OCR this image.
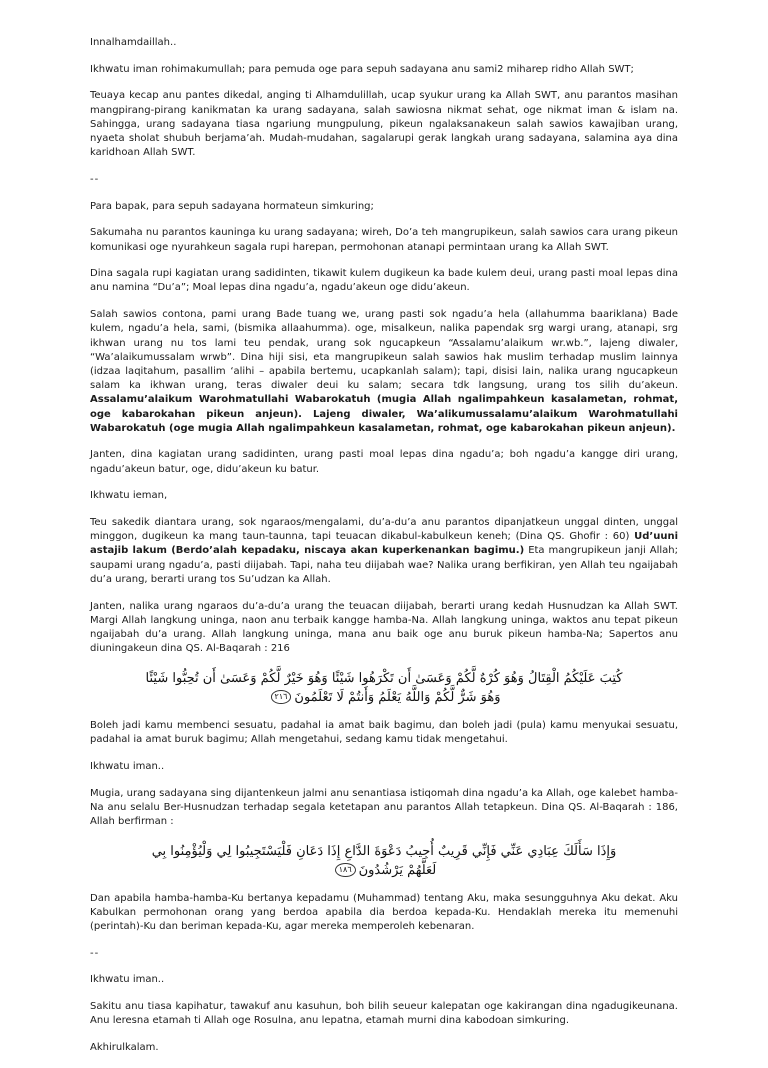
Innalhamdaillah..

Ikhwatu iman rohimakumullah; para pemuda oge para sepuh sadayana anu sami2 miharep ridho Allah SWT;

Teuaya kecap anu pantes dikedal, anging ti Alhamdulillah, ucap syukur urang ka Allah SWT, anu parantos masihan mangpirang-pirang kanikmatan ka urang sadayana, salah sawiosna nikmat sehat, oge nikmat iman & islam na. Sahingga, urang sadayana tiasa ngariung mungpulung, pikeun ngalaksanakeun salah sawios kawajiban urang, nyaeta sholat shubuh berjama’ah. Mudah-mudahan, sagalarupi gerak langkah urang sadayana, salamina aya dina karidhoan Allah SWT.

--

Para bapak, para sepuh sadayana hormateun simkuring;

Sakumaha nu parantos kauninga ku urang sadayana; wireh, Do’a teh mangrupikeun, salah sawios cara urang pikeun komunikasi oge nyurahkeun sagala rupi harepan, permohonan atanapi permintaan urang ka Allah SWT.

Dina sagala rupi kagiatan urang sadidinten, tikawit kulem dugikeun ka bade kulem deui, urang pasti moal lepas dina anu namina “Du’a”; Moal lepas dina ngadu’a, ngadu’akeun oge didu’akeun.

Salah sawios contona, pami urang Bade tuang we, urang pasti sok ngadu’a hela (allahumma baariklana) Bade kulem, ngadu’a hela, sami, (bismika allaahumma). oge, misalkeun, nalika papendak srg wargi urang, atanapi, srg ikhwan urang nu tos lami teu pendak, urang sok ngucapkeun “Assalamu’alaikum wr.wb.”, lajeng diwaler, “Wa’alaikumussalam wrwb”. Dina hiji sisi, eta mangrupikeun salah sawios hak muslim terhadap muslim lainnya (idzaa laqitahum, pasallim ‘alihi – apabila bertemu, ucapkanlah salam); tapi, disisi lain, nalika urang ngucapkeun salam ka ikhwan urang, teras diwaler deui ku salam; secara tdk langsung, urang tos silih du’akeun. Assalamu’alaikum Warohmatullahi Wabarokatuh (mugia Allah ngalimpahkeun kasalametan, rohmat, oge kabarokahan pikeun anjeun). Lajeng diwaler, Wa’alikumussalamu’alaikum Warohmatullahi Wabarokatuh (oge mugia Allah ngalimpahkeun kasalametan, rohmat, oge kabarokahan pikeun anjeun).

Janten, dina kagiatan urang sadidinten, urang pasti moal lepas dina ngadu’a; boh ngadu’a kangge diri urang, ngadu’akeun batur, oge, didu’akeun ku batur.

Ikhwatu ieman,

Teu sakedik diantara urang, sok ngaraos/mengalami, du’a-du’a anu parantos dipanjatkeun unggal dinten, unggal minggon, dugikeun ka mang taun-taunna, tapi teuacan dikabul-kabulkeun keneh; (Dina QS. Ghofir : 60) Ud’uuni astajib lakum (Berdo’alah kepadaku, niscaya akan kuperkenankan bagimu.) Eta mangrupikeun janji Allah; saupami urang ngadu’a, pasti diijabah. Tapi, naha teu diijabah wae? Nalika urang berfikiran, yen Allah teu ngaijabah du’a urang, berarti urang tos Su’udzan ka Allah.

Janten, nalika urang ngaraos du’a-du’a urang the teuacan diijabah, berarti urang kedah Husnudzan ka Allah SWT. Margi Allah langkung uninga, naon anu terbaik kangge hamba-Na. Allah langkung uninga, waktos anu tepat pikeun ngaijabah du’a urang. Allah langkung uninga, mana anu baik oge anu buruk pikeun hamba-Na; Sapertos anu diuningakeun dina QS. Al-Baqarah : 216

كُتِبَ عَلَيْكُمُ الْقِتَالُ وَهُوَ كُرْهٌ لَّكُمْ وَعَسَىٰ أَن تَكْرَهُوا شَيْئًا وَهُوَ خَيْرٌ لَّكُمْ وَعَسَىٰ أَن تُحِبُّوا شَيْئًا
وَهُوَ شَرٌّ لَّكُمْ وَاللَّهُ يَعْلَمُ وَأَنتُمْ لَا تَعْلَمُونَ٢١٦

Boleh jadi kamu membenci sesuatu, padahal ia amat baik bagimu, dan boleh jadi (pula) kamu menyukai sesuatu, padahal ia amat buruk bagimu; Allah mengetahui, sedang kamu tidak mengetahui.

Ikhwatu iman..

Mugia, urang sadayana sing dijantenkeun jalmi anu senantiasa istiqomah dina ngadu’a ka Allah, oge kalebet hamba-Na anu selalu Ber-Husnudzan terhadap segala ketetapan anu parantos Allah tetapkeun. Dina QS. Al-Baqarah : 186, Allah berfirman :

وَإِذَا سَأَلَكَ عِبَادِي عَنِّي فَإِنِّي قَرِيبٌ أُجِيبُ دَعْوَةَ الدَّاعِ إِذَا دَعَانِ فَلْيَسْتَجِيبُوا لِي وَلْيُؤْمِنُوا بِي
لَعَلَّهُمْ يَرْشُدُونَ١٨٦

Dan apabila hamba-hamba-Ku bertanya kepadamu (Muhammad) tentang Aku, maka sesungguhnya Aku dekat. Aku Kabulkan permohonan orang yang berdoa apabila dia berdoa kepada-Ku. Hendaklah mereka itu memenuhi (perintah)-Ku dan beriman kepada-Ku, agar mereka memperoleh kebenaran.

--

Ikhwatu iman..

Sakitu anu tiasa kapihatur, tawakuf anu kasuhun, boh bilih seueur kalepatan oge kakirangan dina ngadugikeunana. Anu leresna etamah ti Allah oge Rosulna, anu lepatna, etamah murni dina kabodoan simkuring.

Akhirulkalam.
